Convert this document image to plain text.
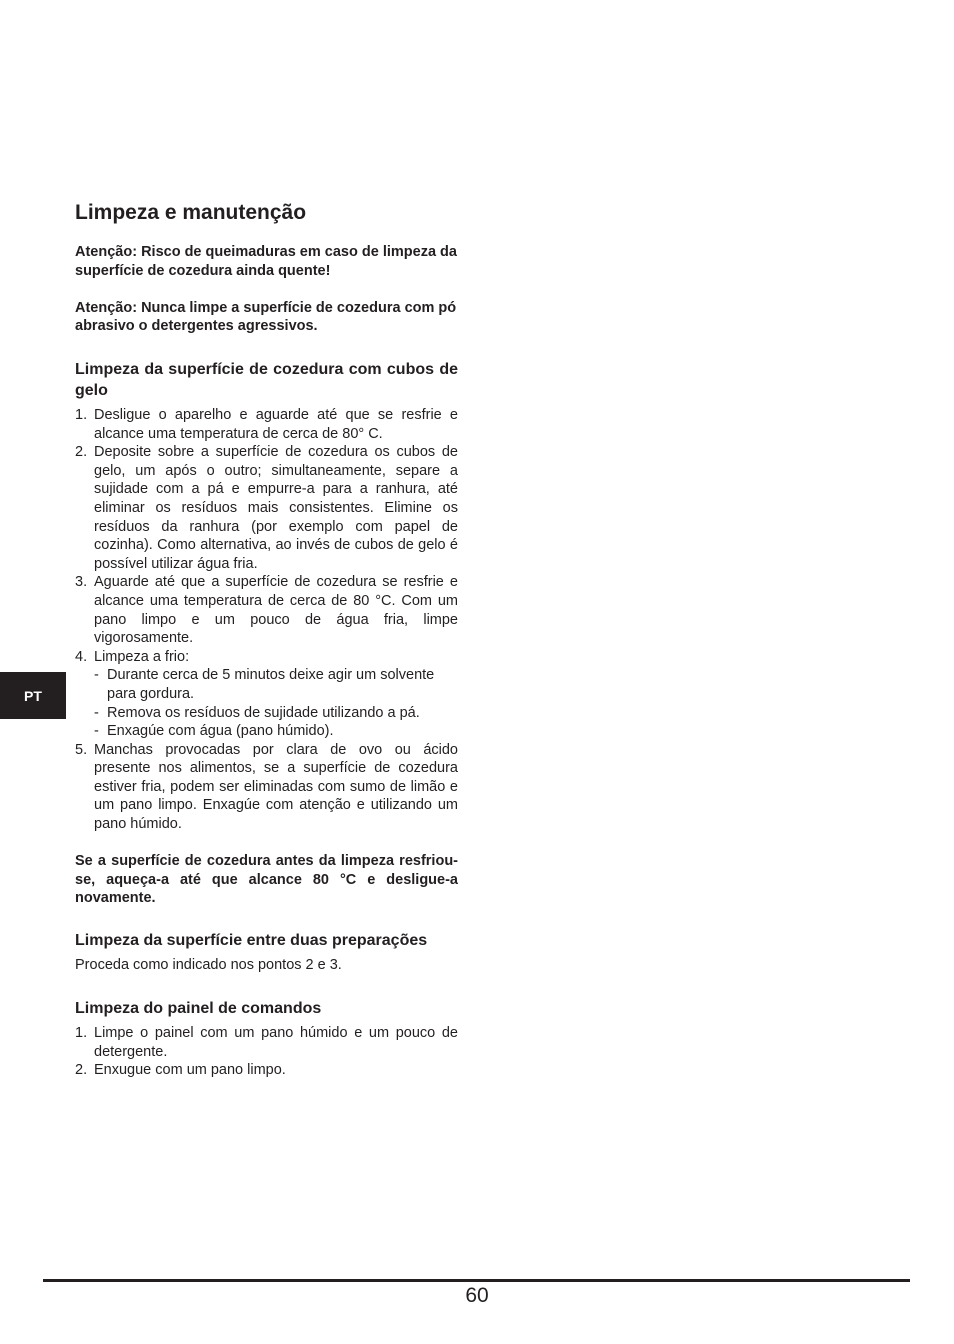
Limpeza e manutenção

Atenção: Risco de queimaduras em caso de limpeza da superfície de cozedura ainda quente!

Atenção: Nunca limpe a superfície de cozedura com pó abrasivo o detergentes agressivos.

Limpeza da superfície de cozedura com cubos de gelo
1. Desligue o aparelho e aguarde até que se resfrie e alcance uma temperatura de cerca de 80° C.
2. Deposite sobre a superfície de cozedura os cubos de gelo, um após o outro; simultaneamente, separe a sujidade com a pá e empurre-a para a ranhura, até eliminar os resíduos mais consistentes. Elimine os resíduos da ranhura (por exemplo com papel de cozinha). Como alternativa, ao invés de cubos de gelo é possível utilizar água fria.
3. Aguarde até que a superfície de cozedura se resfrie e alcance uma temperatura de cerca de 80 °C. Com um pano limpo e um pouco de água fria, limpe vigorosamente.
4. Limpeza a frio:
- Durante cerca de 5 minutos deixe agir um solvente para gordura.
- Remova os resíduos de sujidade utilizando a pá.
- Enxagúe com água (pano húmido).
5. Manchas provocadas por clara de ovo ou ácido presente nos alimentos, se a superfície de cozedura estiver fria, podem ser eliminadas com sumo de limão e um pano limpo. Enxagúe com atenção e utilizando um pano húmido.

Se a superfície de cozedura antes da limpeza resfriou-se, aqueça-a até que alcance 80 °C e desligue-a novamente.

Limpeza da superfície entre duas preparações

Proceda como indicado nos pontos 2 e 3.

Limpeza do painel de comandos
1. Limpe o painel com um pano húmido e um pouco de detergente.
2. Enxugue com um pano limpo.
PT
60
